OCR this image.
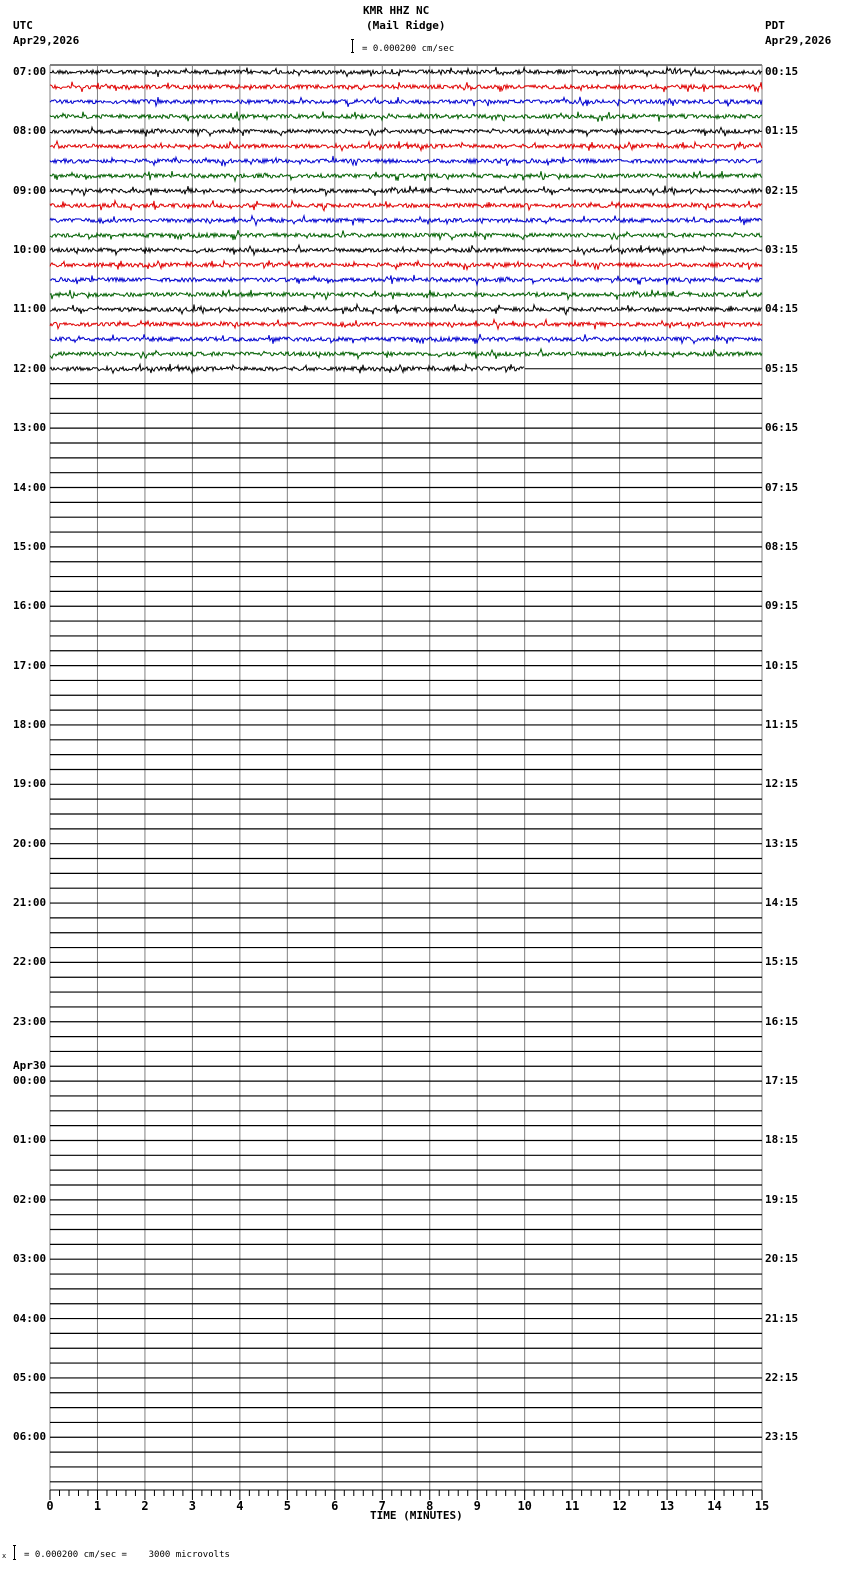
KMR HHZ NC
(Mail Ridge)
UTC
Apr29,2026
PDT
Apr29,2026
= 0.000200 cm/sec
0	1	2	3	4	5	6	7	8	9	10	11	12	13	14	15
07:00
08:00
09:00
10:00
11:00
12:00
13:00
14:00
15:00
16:00
17:00
18:00
19:00
20:00
21:00
22:00
23:00
00:00
Apr30
01:00
02:00
03:00
04:00
05:00
06:00
00:15
01:15
02:15
03:15
04:15
05:15
06:15
07:15
08:15
09:15
10:15
11:15
12:15
13:15
14:15
15:15
16:15
17:15
18:15
19:15
20:15
21:15
22:15
23:15
TIME (MINUTES)
x = 0.000200 cm/sec =    3000 microvolts
